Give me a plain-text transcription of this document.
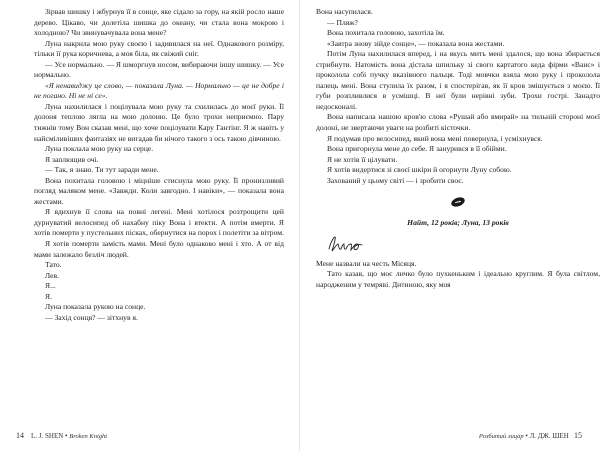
Зірвав шишку і жбурнув її в сонце, яке сідало за гору, на якій росло наше дерево. Цікаво, чи долетіла шишка до океану, чи стала вона мокрою і холодною? Чи звинувачувала вона мене?

Луна накрила мою руку своєю і задивилася на неї. Однакового розміру, тільки її рука коричнева, а моя біла, як свіжий сніг.

— Усе нормально. — Я шморгнув носом, вибираючи іншу шишку. — Усе нормально.

«Я ненавиджу це слово, — показала Луна. — Нормально — це не добре і не погано. Ні не ні се».

Луна нахилилася і поцілувала мою руку та схилилась до моєї руки. Її долоня теплою лягла на мою долоню. Це було трохи неприємно. Пару тижнів тому Вон сказав мені, що хоче поцілувати Кару Гантінг. Я ж навіть у найсміливіших фантазіях не вигадав би нічого такого з ось такою дівчиною.

Луна поклала мою руку на серце.

Я заплющив очі.

— Так, я знаю. Ти тут заради мене.

Вона похитала головою і міцніше стиснула мою руку. Її пронизливий погляд маляком мене. «Завжди. Коли завгодно. І навіки», — показала вона жестами.

Я вдихнув її слова на повні легені. Мені хотілося розтрощити цей дурнуватий велосипед об нахабну піку Вона і втекти. А потім вмерти. Я хотів померти у пустельних пісках, обернутися на порох і полетіти за вітром.

Я хотів померти замість мами. Мені було однаково мені і хто. А от від мами залежало безліч людей.

Тато.

Лев.

Я...

Я.

Луна показала рукою на сонце.

— Захід сонця? — зітхнув я.

14 L. J. SHEN • Broken Knight

Вона насупилася.

— Пляж?

Вона похитала головою, захотіла їм.

«Завтра знову зійде сонце», — показала вона жестами.

Потім Луна нахилилася вперед, і на якусь мить мені здалося, що вона збирається стрибнути. Натомість вона дістала шпильку зі свого картатого кеда фірми «Ванс» і проколола собі пучку вказівного пальця. Тоді мовчки взяла мою руку і проколола палець мені. Вона стулила їх разом, і я спостерігав, як її кров змішується з моєю. Її губи розпливлися в усмішці. В неї були нерівні зуби. Трохи гострі. Занадто недосконалі.

Вона написала нашою кров'ю слова «Рушай або вмирай» на тильній стороні моєї долоні, не звертаючи уваги на розбиті кісточки.

Я подумав про велосипед, який вона мені повернула, і усміхнувся.

Вона пригорнула мене до себе. Я занурився в її обійми.

Я не хотів її цілувати.

Я хотів видертися зі своєї шкіри й огорнути Луну собою.

Захований у цьому світі — і зробити своє.

Найт, 12 років; Луна, 13 років

Мене назвали на честь Місяця.

Тато казав, що моє личко було пухкеньким і ідеально круглим. Я була світлом, народженим у темряві. Дитиною, яку моя

Розбитий лицар • Л. ДЖ. ШЕН 15
